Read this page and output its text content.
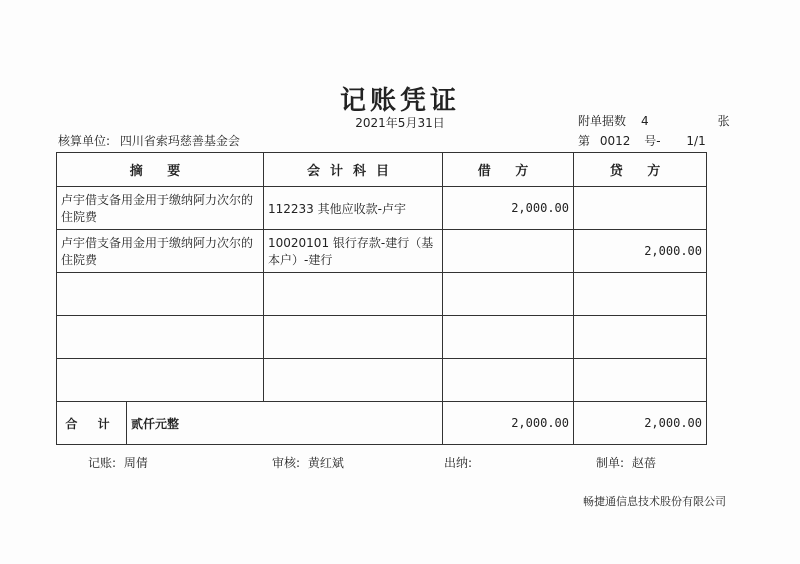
记账凭证
2021年5月31日	附单据数 4	张
第 0012 号- 1/1
核算单位: 四川省索玛慈善基金会
摘 要		会计科目	借 方	贷 方
卢宇借支备用金用于缴纳阿力次尔的住院费		112233 其他应收款-卢宇	2,000.00	
卢宇借支备用金用于缴纳阿力次尔的住院费		10020101 银行存款-建行（基本户）-建行		2,000.00

合 计	贰仟元整		2,000.00	2,000.00
记账: 周倩	审核: 黄红斌	出纳:	制单: 赵蓓
畅捷通信息技术股份有限公司
